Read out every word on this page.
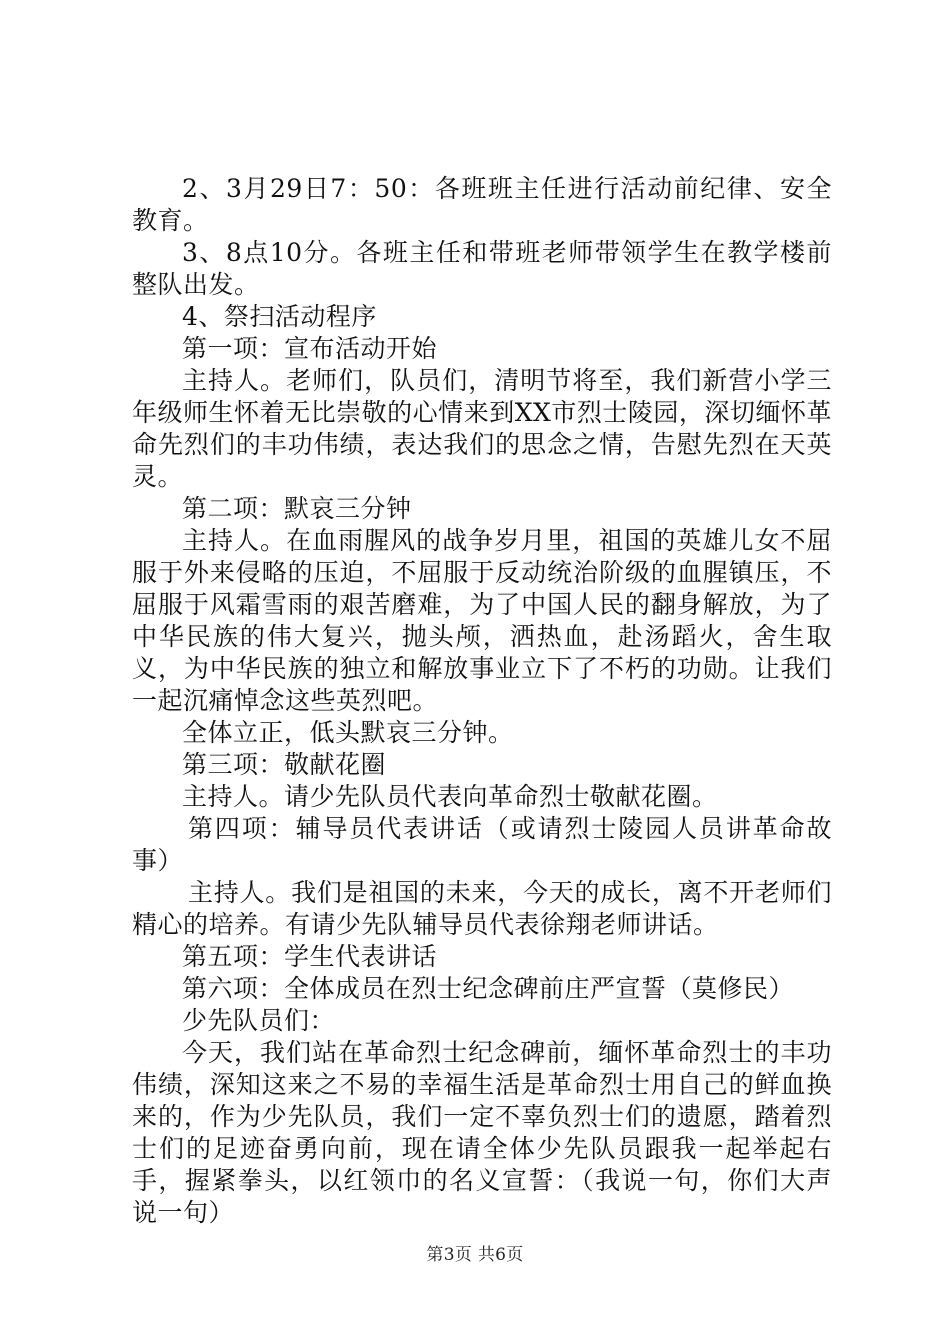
2、3月29日7：50：各班班主任进行活动前纪律、安全教育。

3、8点10分。各班主任和带班老师带领学生在教学楼前整队出发。

4、祭扫活动程序

第一项：宣布活动开始

主持人。老师们，队员们，清明节将至，我们新营小学三年级师生怀着无比崇敬的心情来到XX市烈士陵园，深切缅怀革命先烈们的丰功伟绩，表达我们的思念之情，告慰先烈在天英灵。

第二项：默哀三分钟

主持人。在血雨腥风的战争岁月里，祖国的英雄儿女不屈服于外来侵略的压迫，不屈服于反动统治阶级的血腥镇压，不屈服于风霜雪雨的艰苦磨难，为了中国人民的翻身解放，为了中华民族的伟大复兴，抛头颅，洒热血，赴汤蹈火，舍生取义，为中华民族的独立和解放事业立下了不朽的功勋。让我们一起沉痛悼念这些英烈吧。

全体立正，低头默哀三分钟。

第三项：敬献花圈

主持人。请少先队员代表向革命烈士敬献花圈。

第四项：辅导员代表讲话（或请烈士陵园人员讲革命故事）

主持人。我们是祖国的未来，今天的成长，离不开老师们精心的培养。有请少先队辅导员代表徐翔老师讲话。

第五项：学生代表讲话

第六项：全体成员在烈士纪念碑前庄严宣誓（莫修民）

少先队员们：

今天，我们站在革命烈士纪念碑前，缅怀革命烈士的丰功伟绩，深知这来之不易的幸福生活是革命烈士用自己的鲜血换来的，作为少先队员，我们一定不辜负烈士们的遗愿，踏着烈士们的足迹奋勇向前，现在请全体少先队员跟我一起举起右手，握紧拳头，以红领巾的名义宣誓：（我说一句，你们大声说一句）

第3页 共6页
